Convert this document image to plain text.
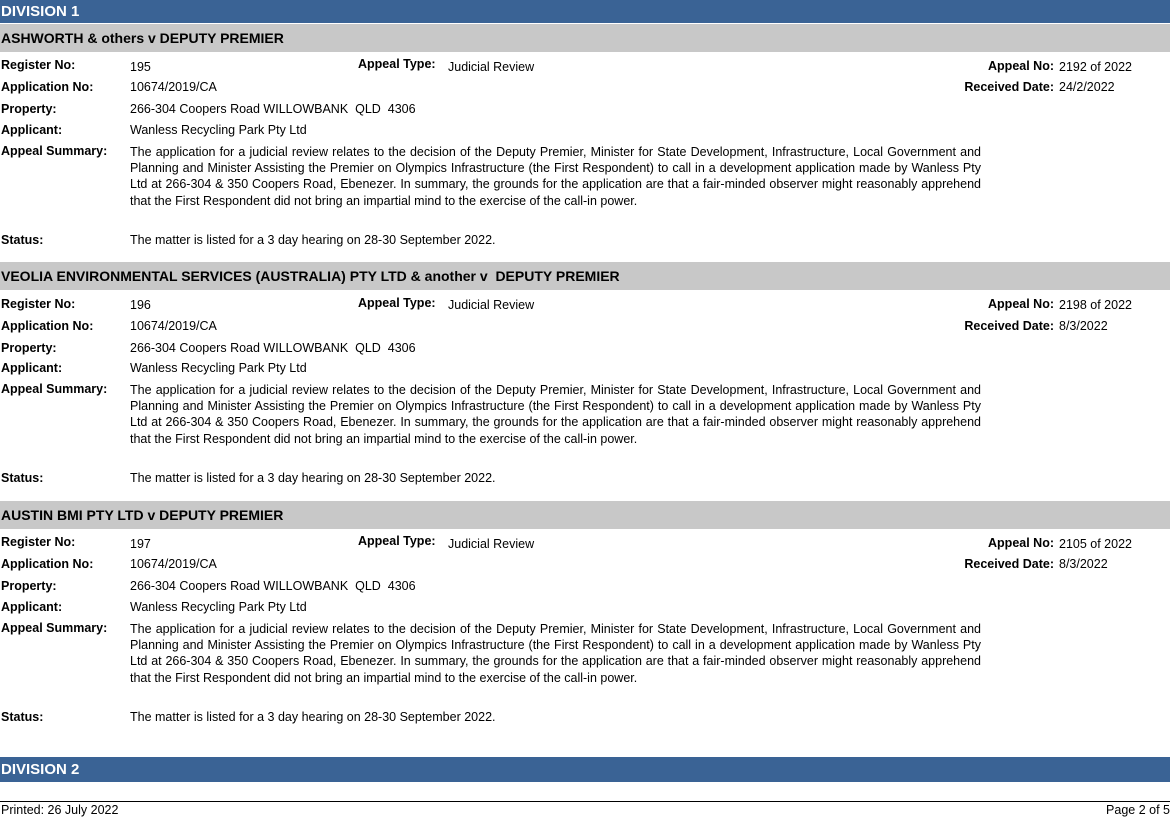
DIVISION 1
ASHWORTH & others v DEPUTY PREMIER
Register No:	195	Appeal Type: Judicial Review	Appeal No: 2192 of 2022
Application No:	10674/2019/CA	Received Date: 24/2/2022
Property:	266-304 Coopers Road WILLOWBANK  QLD  4306
Applicant:	Wanless Recycling Park Pty Ltd
Appeal Summary: The application for a judicial review relates to the decision of the Deputy Premier, Minister for State Development, Infrastructure, Local Government and Planning and Minister Assisting the Premier on Olympics Infrastructure (the First Respondent) to call in a development application made by Wanless Pty Ltd at 266-304 & 350 Coopers Road, Ebenezer. In summary, the grounds for the application are that a fair-minded observer might reasonably apprehend that the First Respondent did not bring an impartial mind to the exercise of the call-in power.
Status:	The matter is listed for a 3 day hearing on 28-30 September 2022.
VEOLIA ENVIRONMENTAL SERVICES (AUSTRALIA) PTY LTD & another v  DEPUTY PREMIER
Register No:	196	Appeal Type: Judicial Review	Appeal No: 2198 of 2022
Application No:	10674/2019/CA	Received Date: 8/3/2022
Property:	266-304 Coopers Road WILLOWBANK  QLD  4306
Applicant:	Wanless Recycling Park Pty Ltd
Appeal Summary: The application for a judicial review relates to the decision of the Deputy Premier, Minister for State Development, Infrastructure, Local Government and Planning and Minister Assisting the Premier on Olympics Infrastructure (the First Respondent) to call in a development application made by Wanless Pty Ltd at 266-304 & 350 Coopers Road, Ebenezer. In summary, the grounds for the application are that a fair-minded observer might reasonably apprehend that the First Respondent did not bring an impartial mind to the exercise of the call-in power.
Status:	The matter is listed for a 3 day hearing on 28-30 September 2022.
AUSTIN BMI PTY LTD v DEPUTY PREMIER
Register No:	197	Appeal Type: Judicial Review	Appeal No: 2105 of 2022
Application No:	10674/2019/CA	Received Date: 8/3/2022
Property:	266-304 Coopers Road WILLOWBANK  QLD  4306
Applicant:	Wanless Recycling Park Pty Ltd
Appeal Summary: The application for a judicial review relates to the decision of the Deputy Premier, Minister for State Development, Infrastructure, Local Government and Planning and Minister Assisting the Premier on Olympics Infrastructure (the First Respondent) to call in a development application made by Wanless Pty Ltd at 266-304 & 350 Coopers Road, Ebenezer. In summary, the grounds for the application are that a fair-minded observer might reasonably apprehend that the First Respondent did not bring an impartial mind to the exercise of the call-in power.
Status:	The matter is listed for a 3 day hearing on 28-30 September 2022.
DIVISION 2
Printed: 26 July 2022	Page 2 of 5
